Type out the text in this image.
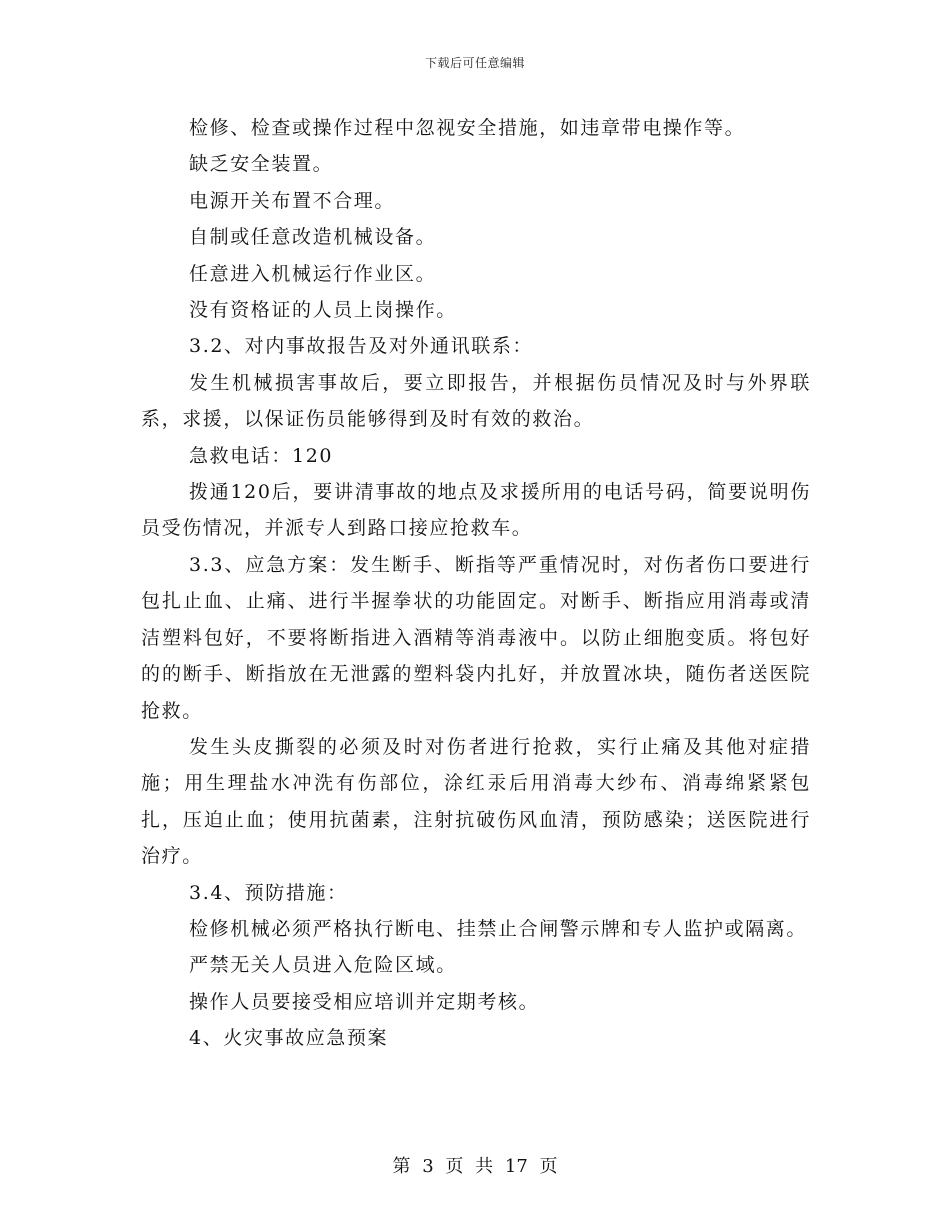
下载后可任意编辑

检修、检查或操作过程中忽视安全措施，如违章带电操作等。

缺乏安全装置。

电源开关布置不合理。

自制或任意改造机械设备。

任意进入机械运行作业区。

没有资格证的人员上岗操作。

3.2、对内事故报告及对外通讯联系：

发生机械损害事故后，要立即报告，并根据伤员情况及时与外界联系，求援，以保证伤员能够得到及时有效的救治。

急救电话：120

拨通120后，要讲清事故的地点及求援所用的电话号码，简要说明伤员受伤情况，并派专人到路口接应抢救车。

3.3、应急方案：发生断手、断指等严重情况时，对伤者伤口要进行包扎止血、止痛、进行半握拳状的功能固定。对断手、断指应用消毒或清洁塑料包好，不要将断指进入酒精等消毒液中。以防止细胞变质。将包好的的断手、断指放在无泄露的塑料袋内扎好，并放置冰块，随伤者送医院抢救。

发生头皮撕裂的必须及时对伤者进行抢救，实行止痛及其他对症措施；用生理盐水冲洗有伤部位，涂红汞后用消毒大纱布、消毒绵紧紧包扎，压迫止血；使用抗菌素，注射抗破伤风血清，预防感染；送医院进行治疗。

3.4、预防措施：

检修机械必须严格执行断电、挂禁止合闸警示牌和专人监护或隔离。

严禁无关人员进入危险区域。

操作人员要接受相应培训并定期考核。

4、火灾事故应急预案

第 3 页 共 17 页
